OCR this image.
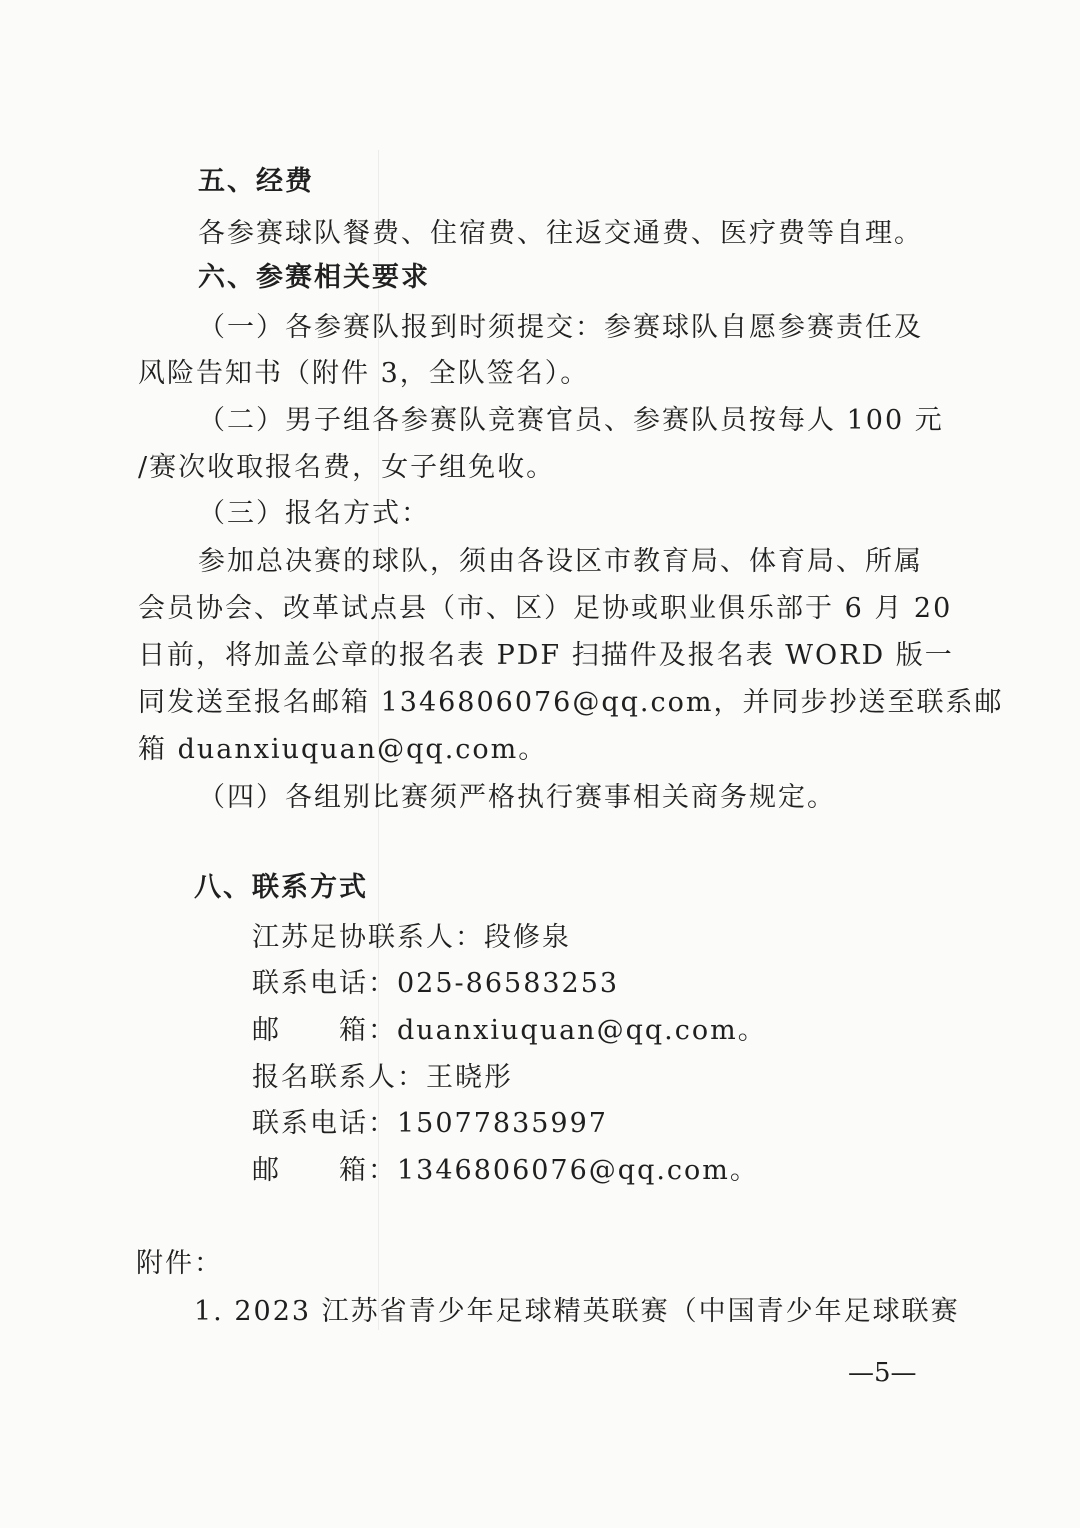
五、经费
各参赛球队餐费、住宿费、往返交通费、医疗费等自理。
六、参赛相关要求
（一）各参赛队报到时须提交：参赛球队自愿参赛责任及
风险告知书（附件 3，全队签名）。
（二）男子组各参赛队竞赛官员、参赛队员按每人 100 元
/赛次收取报名费，女子组免收。
（三）报名方式：
参加总决赛的球队，须由各设区市教育局、体育局、所属
会员协会、改革试点县（市、区）足协或职业俱乐部于 6 月 20
日前，将加盖公章的报名表 PDF 扫描件及报名表 WORD 版一
同发送至报名邮箱 1346806076@qq.com，并同步抄送至联系邮
箱 duanxiuquan@qq.com。
（四）各组别比赛须严格执行赛事相关商务规定。
八、联系方式
江苏足协联系人：段修泉
联系电话：025-86583253
邮　　箱：duanxiuquan@qq.com。
报名联系人：王晓彤
联系电话：15077835997
邮　　箱：1346806076@qq.com。
附件：
1. 2023 江苏省青少年足球精英联赛（中国青少年足球联赛
—5—
